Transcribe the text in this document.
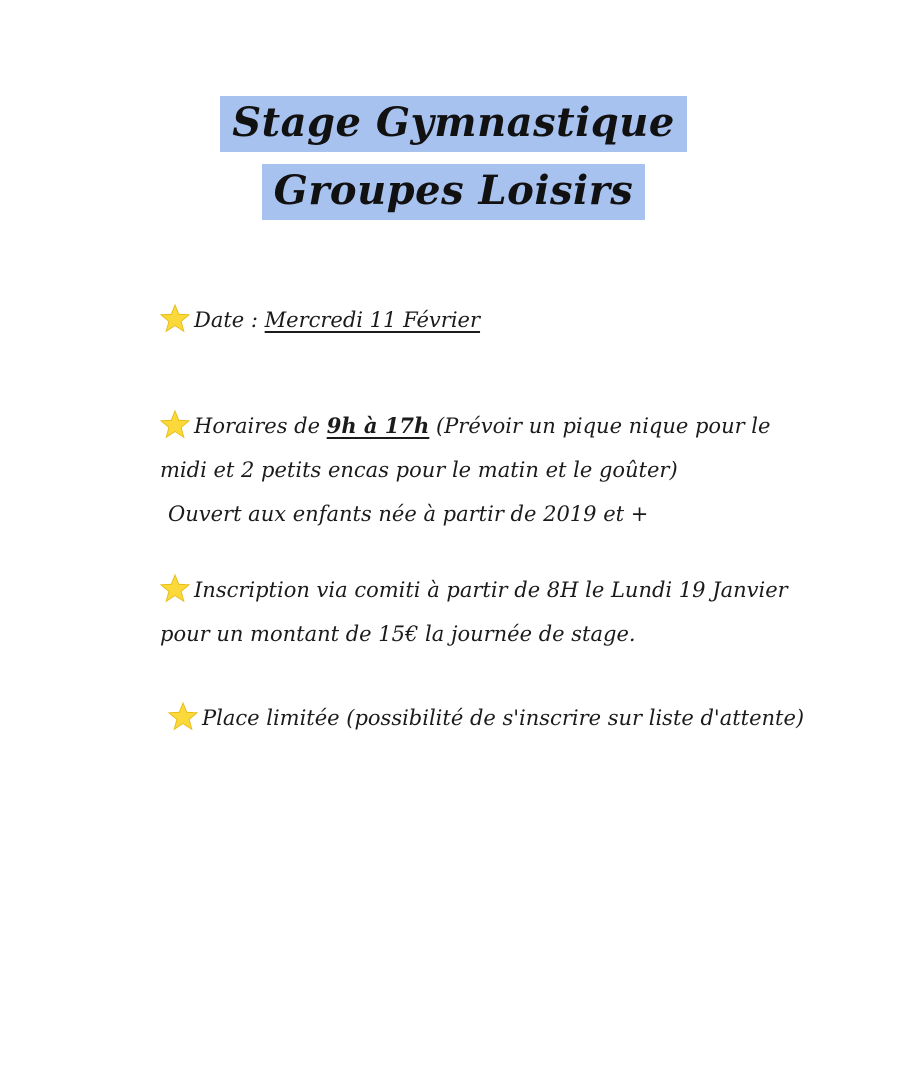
Stage Gymnastique
Groupes Loisirs
Date : Mercredi 11 Février
Horaires de 9h à 17h (Prévoir un pique nique pour le midi et 2 petits encas pour le matin et le goûter)
Ouvert aux enfants née à partir de 2019 et +
Inscription via comiti à partir de 8H le Lundi 19 Janvier
pour un montant de 15€ la journée de stage.
Place limitée (possibilité de s'inscrire sur liste d'attente)
